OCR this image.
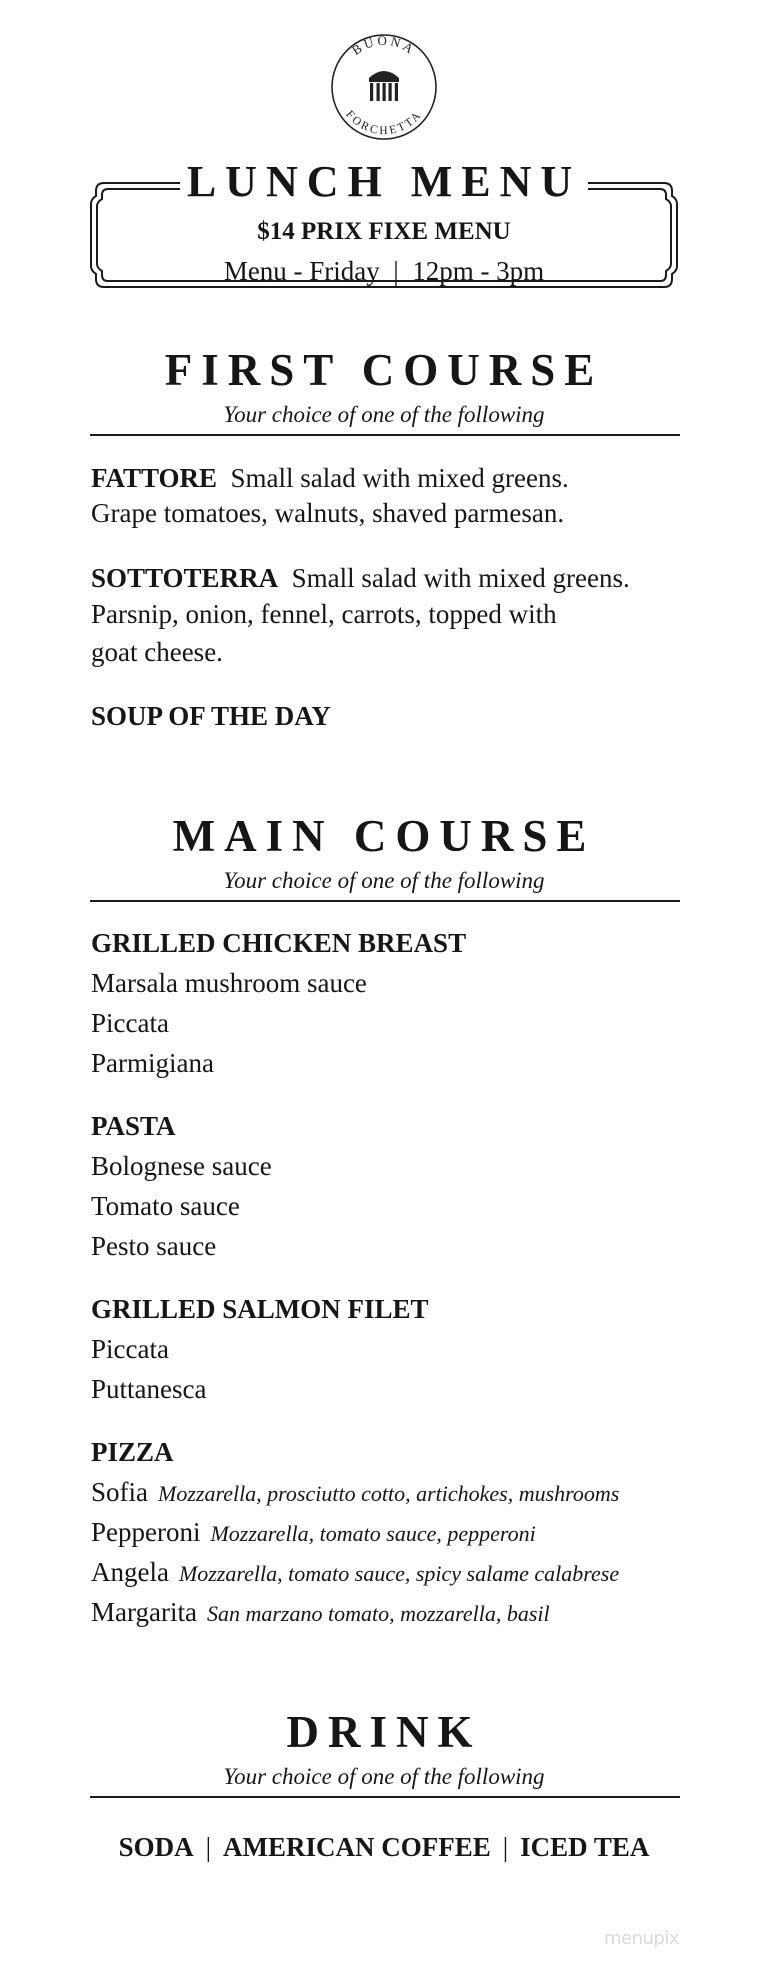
BUONA
FORCHETTA
LUNCH MENU
$14 PRIX FIXE MENU
Menu - Friday  |  12pm - 3pm
FIRST COURSE
Your choice of one of the following
FATTORE  Small salad with mixed greens.
Grape tomatoes, walnuts, shaved parmesan.
SOTTOTERRA  Small salad with mixed greens.
Parsnip, onion, fennel, carrots, topped with
goat cheese.
SOUP OF THE DAY
MAIN COURSE
Your choice of one of the following
GRILLED CHICKEN BREAST
Marsala mushroom sauce
Piccata
Parmigiana
PASTA
Bolognese sauce
Tomato sauce
Pesto sauce
GRILLED SALMON FILET
Piccata
Puttanesca
PIZZA
Sofia Mozzarella, prosciutto cotto, artichokes, mushrooms
Pepperoni Mozzarella, tomato sauce, pepperoni
Angela Mozzarella, tomato sauce, spicy salame calabrese
Margarita San marzano tomato, mozzarella, basil
DRINK
Your choice of one of the following
SODA | AMERICAN COFFEE | ICED TEA
menupix
